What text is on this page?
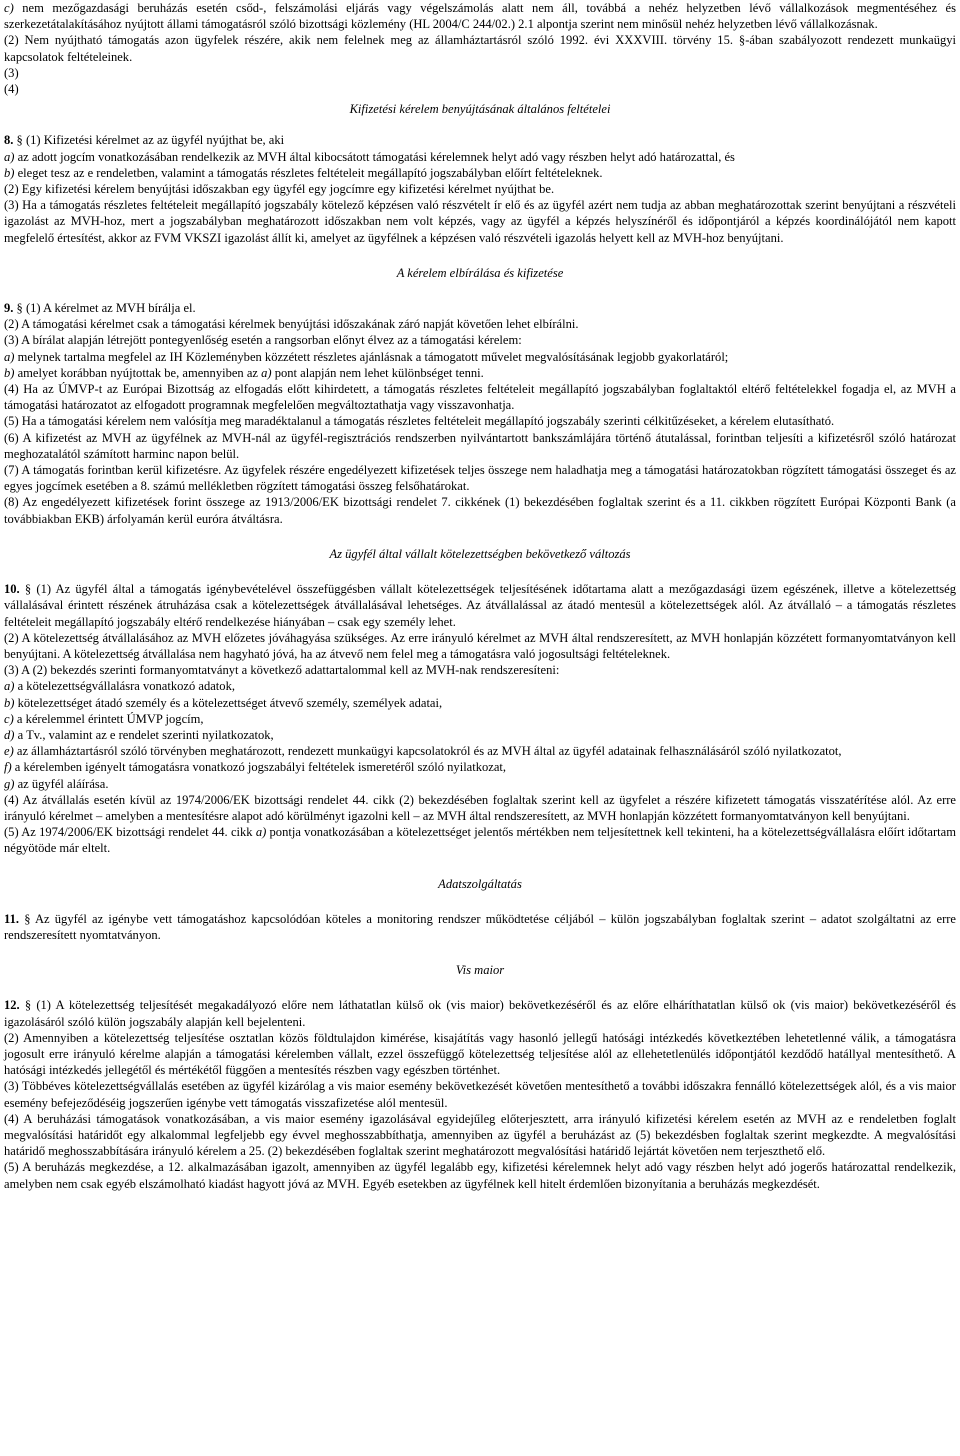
c) nem mezőgazdasági beruházás esetén csőd-, felszámolási eljárás vagy végelszámolás alatt nem áll, továbbá a nehéz helyzetben lévő vállalkozások megmentéséhez és szerkezetátalakításához nyújtott állami támogatásról szóló bizottsági közlemény (HL 2004/C 244/02.) 2.1 alpontja szerint nem minősül nehéz helyzetben lévő vállalkozásnak.

(2) Nem nyújtható támogatás azon ügyfelek részére, akik nem felelnek meg az államháztartásról szóló 1992. évi XXXVIII. törvény 15. §-ában szabályozott rendezett munkaügyi kapcsolatok feltételeinek.

(3)

(4)

Kifizetési kérelem benyújtásának általános feltételei

8. § (1) Kifizetési kérelmet az az ügyfél nyújthat be, aki

a) az adott jogcím vonatkozásában rendelkezik az MVH által kibocsátott támogatási kérelemnek helyt adó vagy részben helyt adó határozattal, és

b) eleget tesz az e rendeletben, valamint a támogatás részletes feltételeit megállapító jogszabályban előírt feltételeknek.

(2) Egy kifizetési kérelem benyújtási időszakban egy ügyfél egy jogcímre egy kifizetési kérelmet nyújthat be.

(3) Ha a támogatás részletes feltételeit megállapító jogszabály kötelező képzésen való részvételt ír elő és az ügyfél azért nem tudja az abban meghatározottak szerint benyújtani a részvételi igazolást az MVH-hoz, mert a jogszabályban meghatározott időszakban nem volt képzés, vagy az ügyfél a képzés helyszínéről és időpontjáról a képzés koordinálójától nem kapott megfelelő értesítést, akkor az FVM VKSZI igazolást állít ki, amelyet az ügyfélnek a képzésen való részvételi igazolás helyett kell az MVH-hoz benyújtani.

A kérelem elbírálása és kifizetése

9. § (1) A kérelmet az MVH bírálja el.

(2) A támogatási kérelmet csak a támogatási kérelmek benyújtási időszakának záró napját követően lehet elbírálni.

(3) A bírálat alapján létrejött pontegyenlőség esetén a rangsorban előnyt élvez az a támogatási kérelem:

a) melynek tartalma megfelel az IH Közleményben közzétett részletes ajánlásnak a támogatott művelet megvalósításának legjobb gyakorlatáról;

b) amelyet korábban nyújtottak be, amennyiben az a) pont alapján nem lehet különbséget tenni.

(4) Ha az ÚMVP-t az Európai Bizottság az elfogadás előtt kihirdetett, a támogatás részletes feltételeit megállapító jogszabályban foglaltaktól eltérő feltételekkel fogadja el, az MVH a támogatási határozatot az elfogadott programnak megfelelően megváltoztathatja vagy visszavonhatja.

(5) Ha a támogatási kérelem nem valósítja meg maradéktalanul a támogatás részletes feltételeit megállapító jogszabály szerinti célkitűzéseket, a kérelem elutasítható.

(6) A kifizetést az MVH az ügyfélnek az MVH-nál az ügyfél-regisztrációs rendszerben nyilvántartott bankszámlájára történő átutalással, forintban teljesíti a kifizetésről szóló határozat meghozatalától számított harminc napon belül.

(7) A támogatás forintban kerül kifizetésre. Az ügyfelek részére engedélyezett kifizetések teljes összege nem haladhatja meg a támogatási határozatokban rögzített támogatási összeget és az egyes jogcímek esetében a 8. számú mellékletben rögzített támogatási összeg felsőhatárokat.

(8) Az engedélyezett kifizetések forint összege az 1913/2006/EK bizottsági rendelet 7. cikkének (1) bekezdésében foglaltak szerint és a 11. cikkben rögzített Európai Központi Bank (a továbbiakban EKB) árfolyamán kerül euróra átváltásra.

Az ügyfél által vállalt kötelezettségben bekövetkező változás

10. § (1) Az ügyfél által a támogatás igénybevételével összefüggésben vállalt kötelezettségek teljesítésének időtartama alatt a mezőgazdasági üzem egészének, illetve a kötelezettség vállalásával érintett részének átruházása csak a kötelezettségek átvállalásával lehetséges. Az átvállalással az átadó mentesül a kötelezettségek alól. Az átvállaló – a támogatás részletes feltételeit megállapító jogszabály eltérő rendelkezése hiányában – csak egy személy lehet.

(2) A kötelezettség átvállalásához az MVH előzetes jóváhagyása szükséges. Az erre irányuló kérelmet az MVH által rendszeresített, az MVH honlapján közzétett formanyomtatványon kell benyújtani. A kötelezettség átvállalása nem hagyható jóvá, ha az átvevő nem felel meg a támogatásra való jogosultsági feltételeknek.

(3) A (2) bekezdés szerinti formanyomtatványt a következő adattartalommal kell az MVH-nak rendszeresíteni:

a) a kötelezettségvállalásra vonatkozó adatok,

b) kötelezettséget átadó személy és a kötelezettséget átvevő személy, személyek adatai,

c) a kérelemmel érintett ÚMVP jogcím,

d) a Tv., valamint az e rendelet szerinti nyilatkozatok,

e) az államháztartásról szóló törvényben meghatározott, rendezett munkaügyi kapcsolatokról és az MVH által az ügyfél adatainak felhasználásáról szóló nyilatkozatot,

f) a kérelemben igényelt támogatásra vonatkozó jogszabályi feltételek ismeretéről szóló nyilatkozat,

g) az ügyfél aláírása.

(4) Az átvállalás esetén kívül az 1974/2006/EK bizottsági rendelet 44. cikk (2) bekezdésében foglaltak szerint kell az ügyfelet a részére kifizetett támogatás visszatérítése alól. Az erre irányuló kérelmet – amelyben a mentesítésre alapot adó körülményt igazolni kell – az MVH által rendszeresített, az MVH honlapján közzétett formanyomtatványon kell benyújtani.

(5) Az 1974/2006/EK bizottsági rendelet 44. cikk a) pontja vonatkozásában a kötelezettséget jelentős mértékben nem teljesítettnek kell tekinteni, ha a kötelezettségvállalásra előírt időtartam négyötöde már eltelt.

Adatszolgáltatás

11. § Az ügyfél az igénybe vett támogatáshoz kapcsolódóan köteles a monitoring rendszer működtetése céljából – külön jogszabályban foglaltak szerint – adatot szolgáltatni az erre rendszeresített nyomtatványon.

Vis maior

12. § (1) A kötelezettség teljesítését megakadályozó előre nem láthatatlan külső ok (vis maior) bekövetkezéséről és az előre elháríthatatlan külső ok (vis maior) bekövetkezéséről és igazolásáról szóló külön jogszabály alapján kell bejelenteni.

(2) Amennyiben a kötelezettség teljesítése osztatlan közös földtulajdon kimérése, kisajátítás vagy hasonló jellegű hatósági intézkedés következtében lehetetlenné válik, a támogatásra jogosult erre irányuló kérelme alapján a támogatási kérelemben vállalt, ezzel összefüggő kötelezettség teljesítése alól az ellehetetlenülés időpontjától kezdődő hatállyal mentesíthető. A hatósági intézkedés jellegétől és mértékétől függően a mentesítés részben vagy egészben történhet.

(3) Többéves kötelezettségvállalás esetében az ügyfél kizárólag a vis maior esemény bekövetkezését követően mentesíthető a további időszakra fennálló kötelezettségek alól, és a vis maior esemény befejeződéséig jogszerűen igénybe vett támogatás visszafizetése alól mentesül.

(4) A beruházási támogatások vonatkozásában, a vis maior esemény igazolásával egyidejűleg előterjesztett, arra irányuló kifizetési kérelem esetén az MVH az e rendeletben foglalt megvalósítási határidőt egy alkalommal legfeljebb egy évvel meghosszabbíthatja, amennyiben az ügyfél a beruházást az (5) bekezdésben foglaltak szerint megkezdte. A megvalósítási határidő meghosszabbítására irányuló kérelem a 25. (2) bekezdésében foglaltak szerint meghatározott megvalósítási határidő lejártát követően nem terjeszthető elő.

(5) A beruházás megkezdése, a 12. alkalmazásában igazolt, amennyiben az ügyfél legalább egy, kifizetési kérelemnek helyt adó vagy részben helyt adó jogerős határozattal rendelkezik, amelyben nem csak egyéb elszámolható kiadást hagyott jóvá az MVH. Egyéb esetekben az ügyfélnek kell hitelt érdemlően bizonyítania a beruházás megkezdését.
